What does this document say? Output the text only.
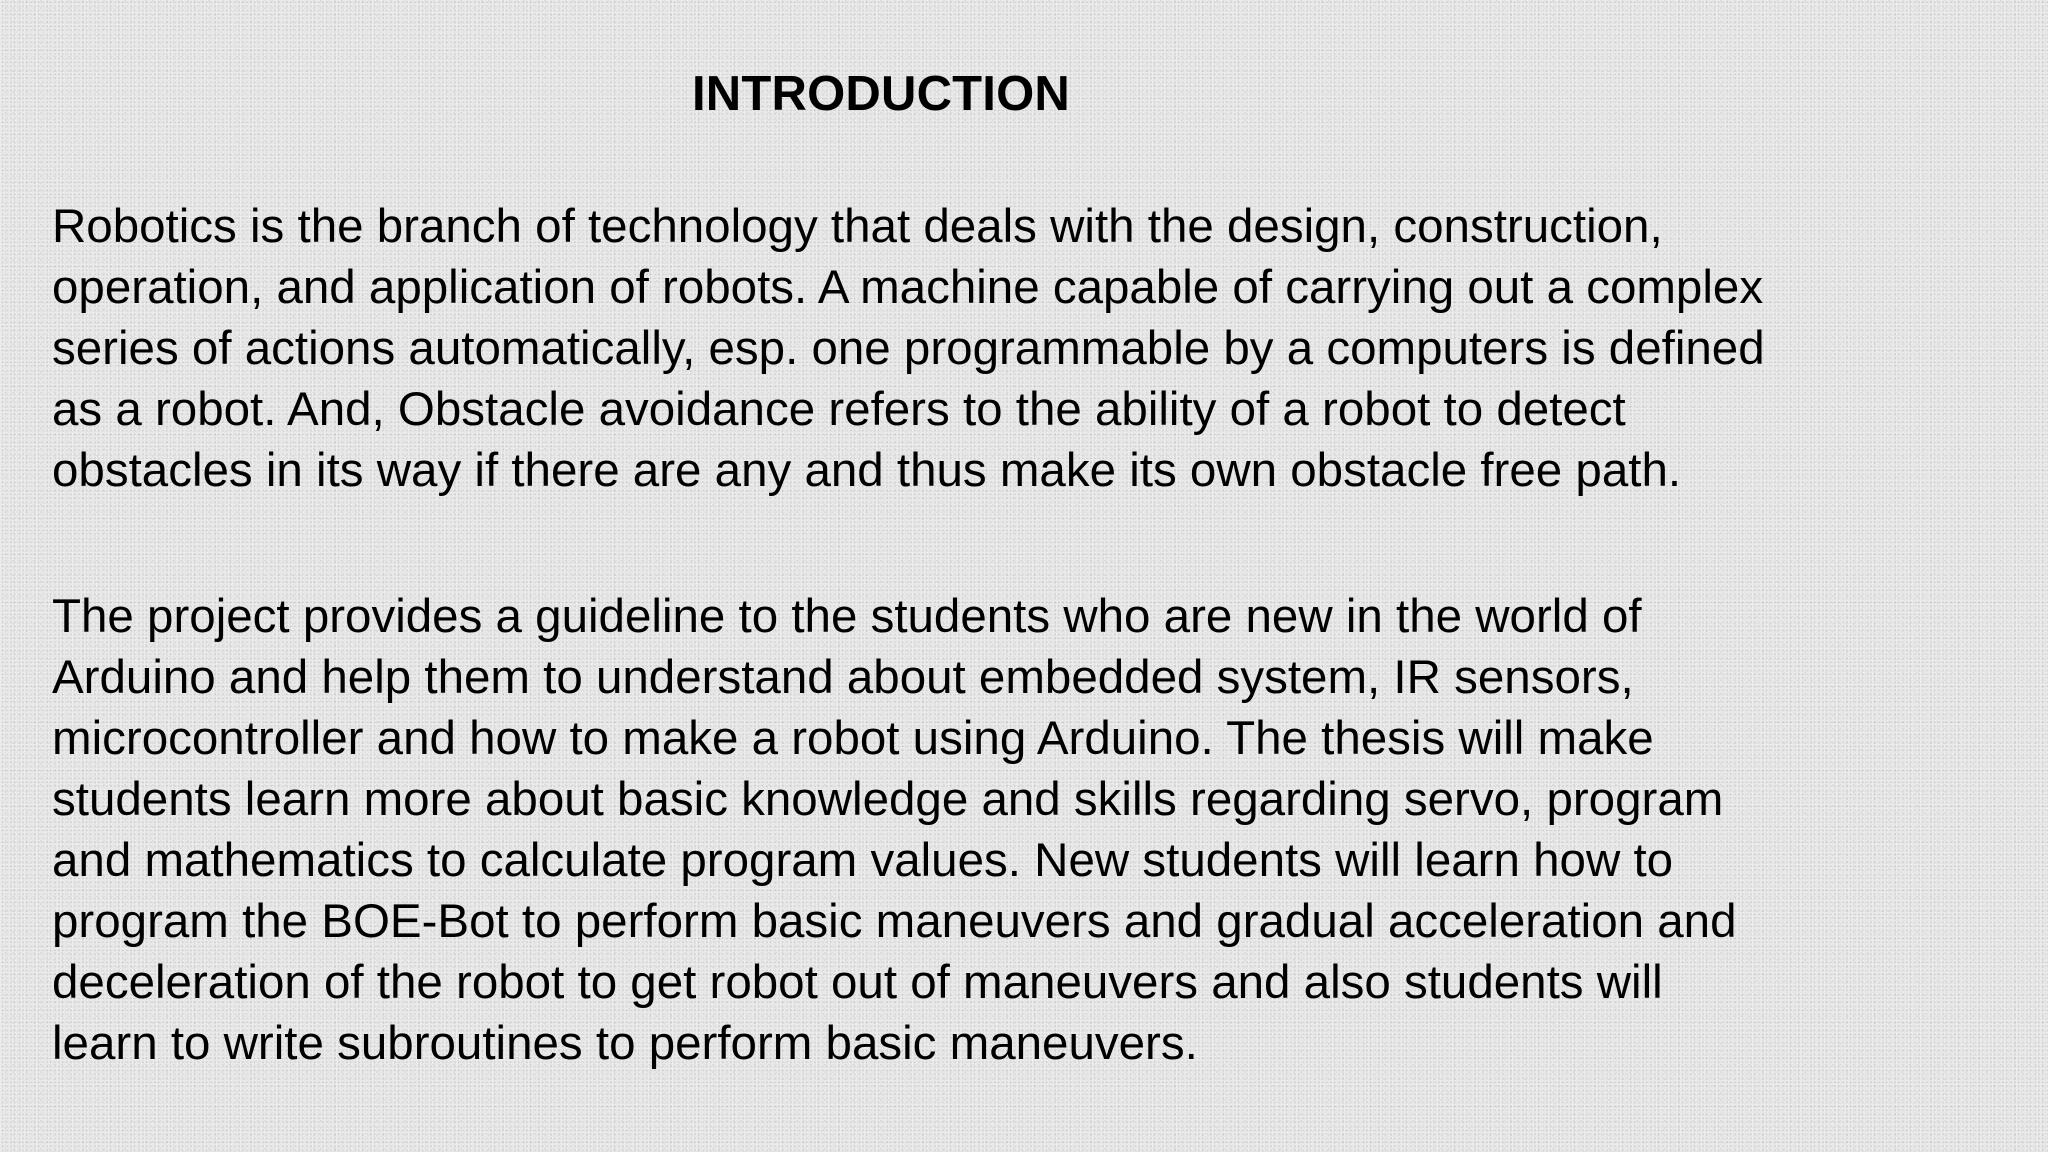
INTRODUCTION

Robotics is the branch of technology that deals with the design, construction,
operation, and application of robots. A machine capable of carrying out a complex
series of actions automatically, esp. one programmable by a computers is defined
as a robot. And, Obstacle avoidance refers to the ability of a robot to detect
obstacles in its way if there are any and thus make its own obstacle free path.

The project provides a guideline to the students who are new in the world of
Arduino and help them to understand about embedded system, IR sensors,
microcontroller and how to make a robot using Arduino. The thesis will make
students learn more about basic knowledge and skills regarding servo, program
and mathematics to calculate program values. New students will learn how to
program the BOE-Bot to perform basic maneuvers and gradual acceleration and
deceleration of the robot to get robot out of maneuvers and also students will
learn to write subroutines to perform basic maneuvers.
